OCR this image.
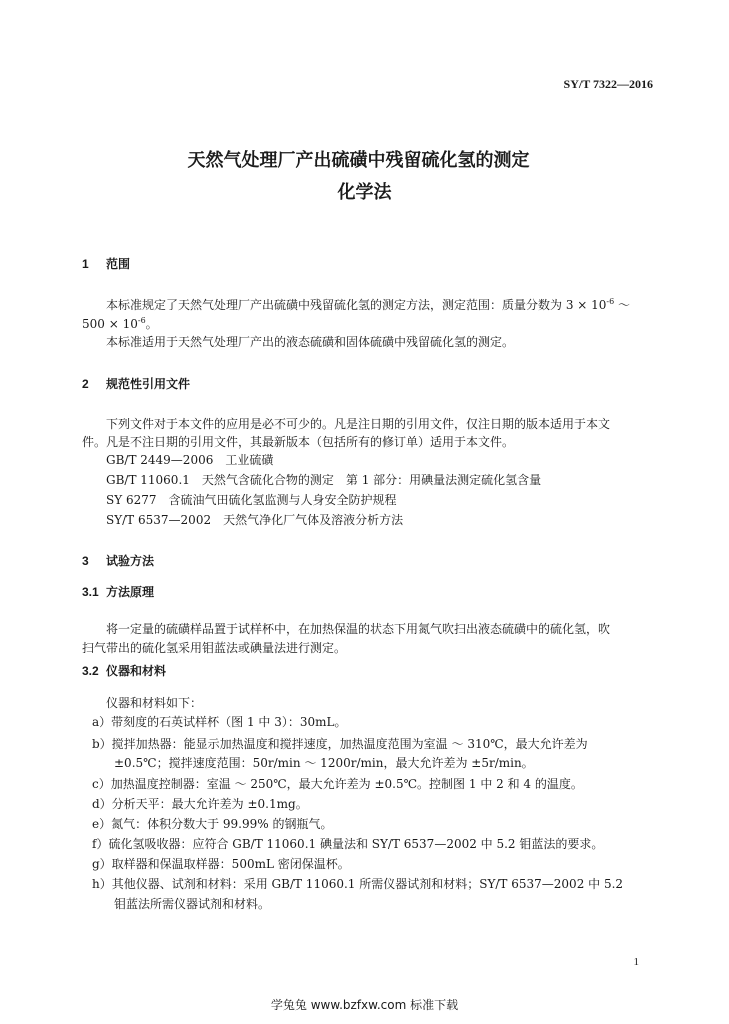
SY/T 7322—2016
天然气处理厂产出硫磺中残留硫化氢的测定
化学法
1 范围
本标准规定了天然气处理厂产出硫磺中残留硫化氢的测定方法，测定范围：质量分数为 $3 \times 10^{-6}$ ～
$500 \times 10^{-6}$。
本标准适用于天然气处理厂产出的液态硫磺和固体硫磺中残留硫化氢的测定。
2 规范性引用文件
下列文件对于本文件的应用是必不可少的。凡是注日期的引用文件，仅注日期的版本适用于本文
件。凡是不注日期的引用文件，其最新版本（包括所有的修订单）适用于本文件。
GB/T 2449—2006　工业硫磺
GB/T 11060.1　天然气含硫化合物的测定　第 1 部分：用碘量法测定硫化氢含量
SY 6277　含硫油气田硫化氢监测与人身安全防护规程
SY/T 6537—2002　天然气净化厂气体及溶液分析方法
3 试验方法
3.1 方法原理
将一定量的硫磺样品置于试样杯中，在加热保温的状态下用氮气吹扫出液态硫磺中的硫化氢，吹
扫气带出的硫化氢采用钼蓝法或碘量法进行测定。
3.2 仪器和材料
仪器和材料如下：
a）带刻度的石英试样杯（图 1 中 3）：30mL。
b）搅拌加热器：能显示加热温度和搅拌速度，加热温度范围为室温 ～ 310℃，最大允许差为
±0.5℃；搅拌速度范围：50r/min ～ 1200r/min，最大允许差为 ±5r/min。
c）加热温度控制器：室温 ～ 250℃，最大允许差为 ±0.5℃。控制图 1 中 2 和 4 的温度。
d）分析天平：最大允许差为 ±0.1mg。
e）氮气：体积分数大于 99.99% 的钢瓶气。
f）硫化氢吸收器：应符合 GB/T 11060.1 碘量法和 SY/T 6537—2002 中 5.2 钼蓝法的要求。
g）取样器和保温取样器：500mL 密闭保温杯。
h）其他仪器、试剂和材料：采用 GB/T 11060.1 所需仪器试剂和材料；SY/T 6537—2002 中 5.2
钼蓝法所需仪器试剂和材料。
1
学兔兔 www.bzfxw.com 标准下载
